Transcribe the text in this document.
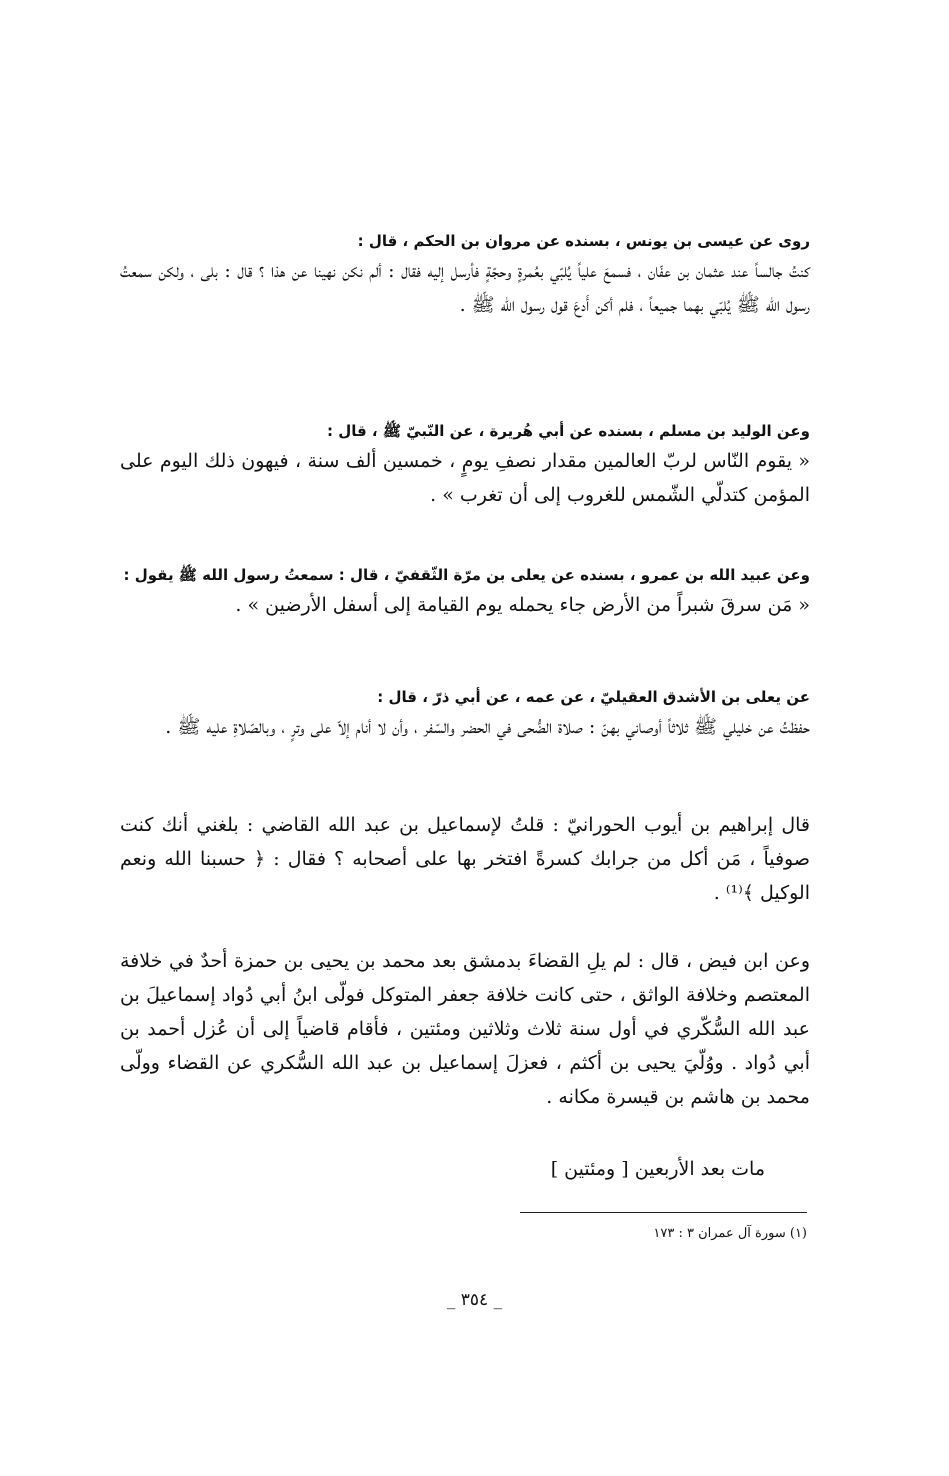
روى عن عيسى بن يونس ، بسنده عن مروان بن الحكم ، قال :

كنتُ جالساً عند عثمان بن عفّان ، فسمعَ علياً يُلبّي بعُمرةٍ وحجّةٍ فأرسل إليه فقال : ألم نكن نهينا عن هذا ؟ قال : بلى ، ولكن سمعتُ رسول الله ﷺ يُلبّي بهما جميعاً ، فلم أكن أَدعَ قول رسول الله ﷺ .

وعن الوليد بن مسلم ، بسنده عن أبي هُريرة ، عن النّبيّ ﷺ ، قال :

« يقوم النّاس لربّ العالمين مقدار نصفِ يومٍ ، خمسين ألف سنة ، فيهون ذلك اليوم على المؤمن كتدلّي الشّمس للغروب إلى أن تغرب » .

وعن عبيد الله بن عمرو ، بسنده عن يعلى بن مرّة الثّقفيّ ، قال : سمعتُ رسول الله ﷺ يقول :

« مَن سرقَ شبراً من الأرض جاء يحمله يوم القيامة إلى أسفل الأرضين » .

عن يعلى بن الأشدق العقيليّ ، عن عمه ، عن أبي ذرّ ، قال :

حفظتُ عن خليلي ﷺ ثلاثاً أوصاني بهنّ : صلاة الضُّحى في الحضر والسّفر ، وأن لا أنام إلاّ على وترٍ ، وبالصّلاةِ عليه ﷺ .

قال إبراهيم بن أيوب الحورانيّ : قلتُ لإسماعيل بن عبد الله القاضي : بلغني أنك كنت صوفياً ، مَن أكل من جرابك كسرةً افتخر بها على أصحابه ؟ فقال : ﴿ حسبنا الله ونعم الوكيل ﴾⁽¹⁾ .

وعن ابن فيض ، قال : لم يلِ القضاءَ بدمشق بعد محمد بن يحيى بن حمزة أحدٌ في خلافة المعتصم وخلافة الواثق ، حتى كانت خلافة جعفر المتوكل فولّى ابنُ أبي دُواد إسماعيلَ بن عبد الله السُّكّري في أول سنة ثلاث وثلاثين ومئتين ، فأقام قاضياً إلى أن عُزل أحمد بن أبي دُواد . ووُلّيَ يحيى بن أكثم ، فعزلَ إسماعيل بن عبد الله السُّكري عن القضاء وولّى محمد بن هاشم بن قيسرة مكانه .

مات بعد الأربعين [ ومئتين ]
(١) سورة آل عمران ٣ : ١٧٣
_ ٣٥٤ _
